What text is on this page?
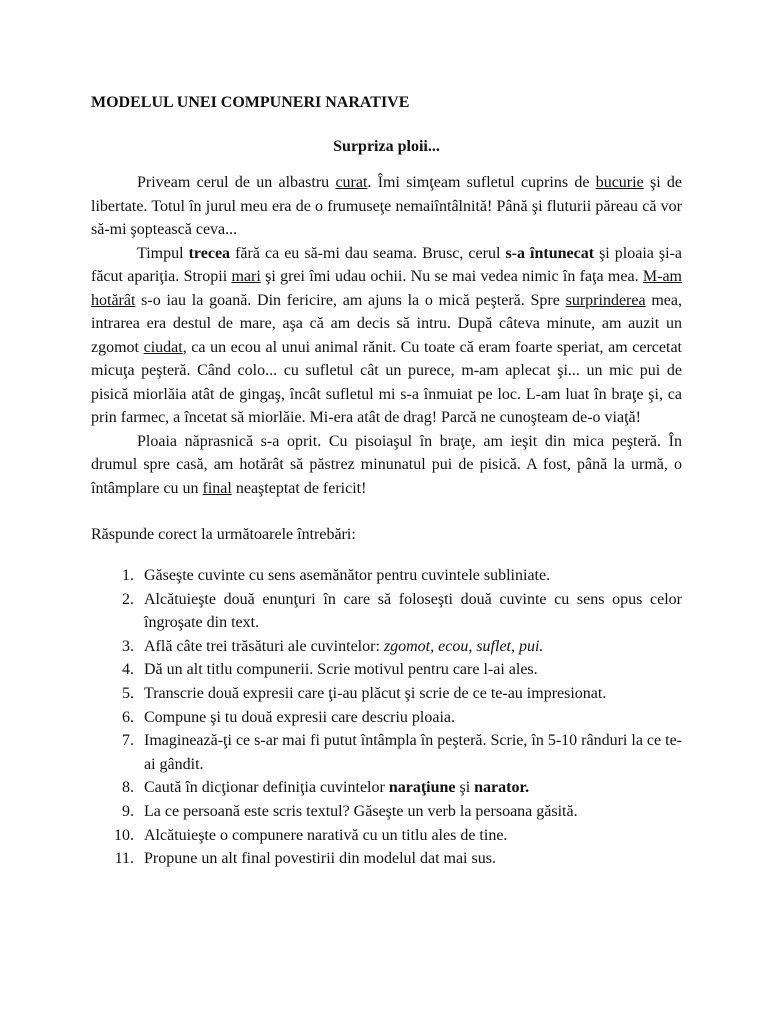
MODELUL UNEI COMPUNERI NARATIVE
Surpriza ploii...

Priveam cerul de un albastru curat. Îmi simţeam sufletul cuprins de bucurie şi de libertate. Totul în jurul meu era de o frumuseţe nemaiîntâlnită! Până şi fluturii păreau că vor să-mi şoptească ceva...

Timpul trecea fără ca eu să-mi dau seama. Brusc, cerul s-a întunecat şi ploaia şi-a făcut apariţia. Stropii mari şi grei îmi udau ochii. Nu se mai vedea nimic în faţa mea. M-am hotărât s-o iau la goană. Din fericire, am ajuns la o mică peşteră. Spre surprinderea mea, intrarea era destul de mare, aşa că am decis să intru. După câteva minute, am auzit un zgomot ciudat, ca un ecou al unui animal rănit. Cu toate că eram foarte speriat, am cercetat micuţa peşteră. Când colo... cu sufletul cât un purece, m-am aplecat şi... un mic pui de pisică miorlăia atât de gingaş, încât sufletul mi s-a înmuiat pe loc. L-am luat în braţe şi, ca prin farmec, a încetat să miorlăie. Mi-era atât de drag! Parcă ne cunoşteam de-o viaţă!

Ploaia năprasnică s-a oprit. Cu pisoiaşul în braţe, am ieşit din mica peşteră. În drumul spre casă, am hotărât să păstrez minunatul pui de pisică. A fost, până la urmă, o întâmplare cu un final neaşteptat de fericit!

Răspunde corect la următoarele întrebări:
1. Găseşte cuvinte cu sens asemănător pentru cuvintele subliniate.
2. Alcătuieşte două enunţuri în care să foloseşti două cuvinte cu sens opus celor îngroşate din text.
3. Află câte trei trăsături ale cuvintelor: zgomot, ecou, suflet, pui.
4. Dă un alt titlu compunerii. Scrie motivul pentru care l-ai ales.
5. Transcrie două expresii care ţi-au plăcut şi scrie de ce te-au impresionat.
6. Compune şi tu două expresii care descriu ploaia.
7. Imaginează-ţi ce s-ar mai fi putut întâmpla în peşteră. Scrie, în 5-10 rânduri la ce te-ai gândit.
8. Caută în dicţionar definiţia cuvintelor naraţiune şi narator.
9. La ce persoană este scris textul? Găseşte un verb la persoana găsită.
10. Alcătuieşte o compunere narativă cu un titlu ales de tine.
11. Propune un alt final povestirii din modelul dat mai sus.
